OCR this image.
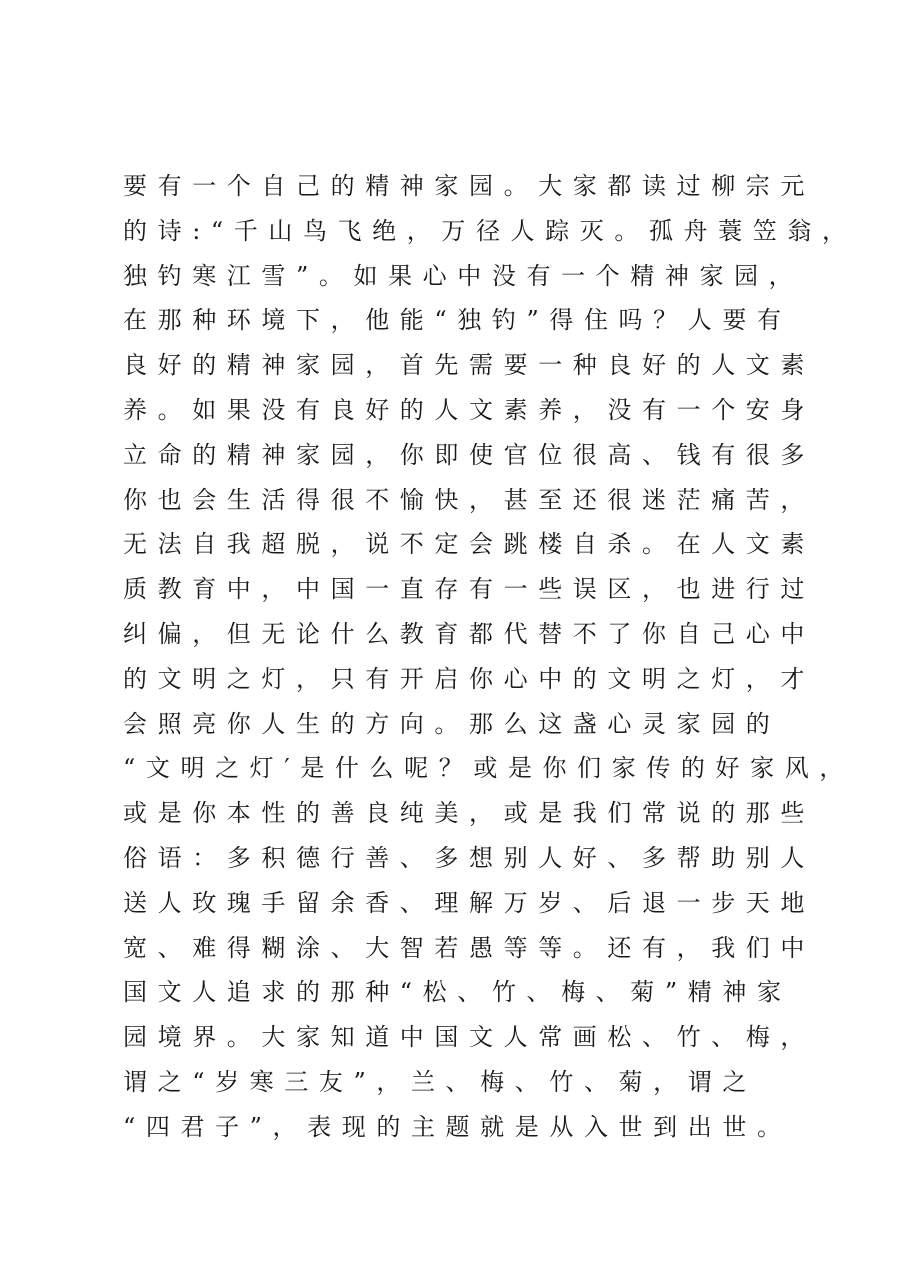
要有一个自己的精神家园。大家都读过柳宗元
的诗:“千山鸟飞绝，万径人踪灭。孤舟蓑笠翁，
独钓寒江雪”。如果心中没有一个精神家园，
在那种环境下，他能“独钓”得住吗？人要有
良好的精神家园，首先需要一种良好的人文素
养。如果没有良好的人文素养，没有一个安身
立命的精神家园，你即使官位很高、钱有很多
你也会生活得很不愉快，甚至还很迷茫痛苦，
无法自我超脱，说不定会跳楼自杀。在人文素
质教育中，中国一直存有一些误区，也进行过
纠偏，但无论什么教育都代替不了你自己心中
的文明之灯，只有开启你心中的文明之灯，才
会照亮你人生的方向。那么这盏心灵家园的
“文明之灯′是什么呢？或是你们家传的好家风，
或是你本性的善良纯美，或是我们常说的那些
俗语：多积德行善、多想别人好、多帮助别人
送人玫瑰手留余香、理解万岁、后退一步天地
宽、难得糊涂、大智若愚等等。还有，我们中
国文人追求的那种“松、竹、梅、菊”精神家
园境界。大家知道中国文人常画松、竹、梅，
谓之“岁寒三友”，兰、梅、竹、菊，谓之
“四君子”，表现的主题就是从入世到出世。
